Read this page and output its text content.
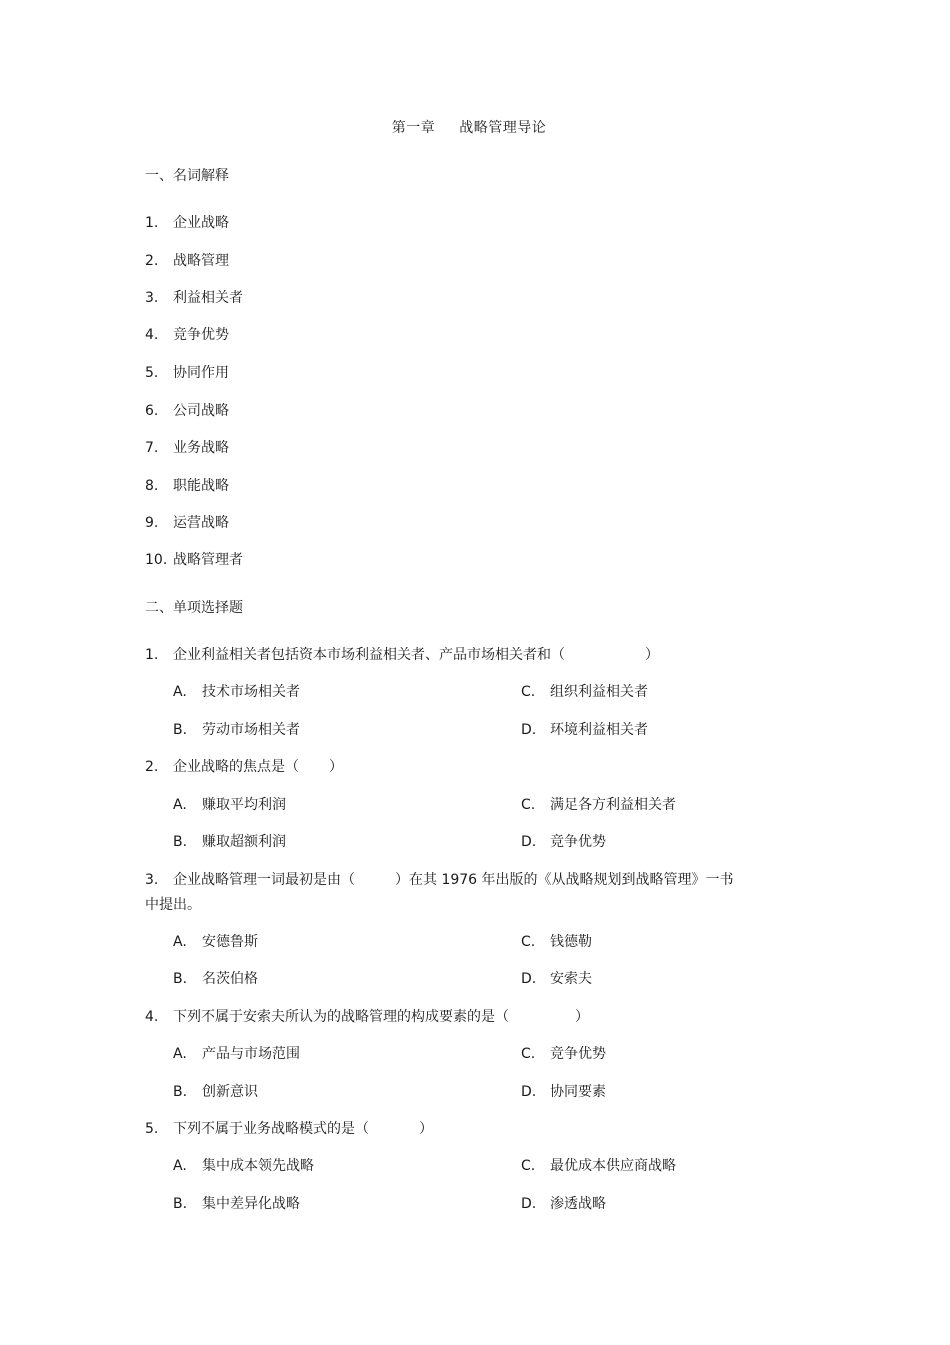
第一章 战略管理导论
一、名词解释
1. 企业战略
2. 战略管理
3. 利益相关者
4. 竞争优势
5. 协同作用
6. 公司战略
7. 业务战略
8. 职能战略
9. 运营战略
10. 战略管理者
二、单项选择题
1. 企业利益相关者包括资本市场利益相关者、产品市场相关者和（	）
A. 技术市场相关者	C. 组织利益相关者
B. 劳动市场相关者	D. 环境利益相关者
2. 企业战略的焦点是（ ）
A. 赚取平均利润	C. 满足各方利益相关者
B. 赚取超额利润	D. 竞争优势
3. 企业战略管理一词最初是由（	）在其 1976 年出版的《从战略规划到战略管理》一书
中提出。
A. 安德鲁斯	C. 钱德勒
B. 名茨伯格	D. 安索夫
4. 下列不属于安索夫所认为的战略管理的构成要素的是（	）
A. 产品与市场范围	C. 竞争优势
B. 创新意识	D. 协同要素
5. 下列不属于业务战略模式的是（	）
A. 集中成本领先战略	C. 最优成本供应商战略
B. 集中差异化战略	D. 渗透战略
